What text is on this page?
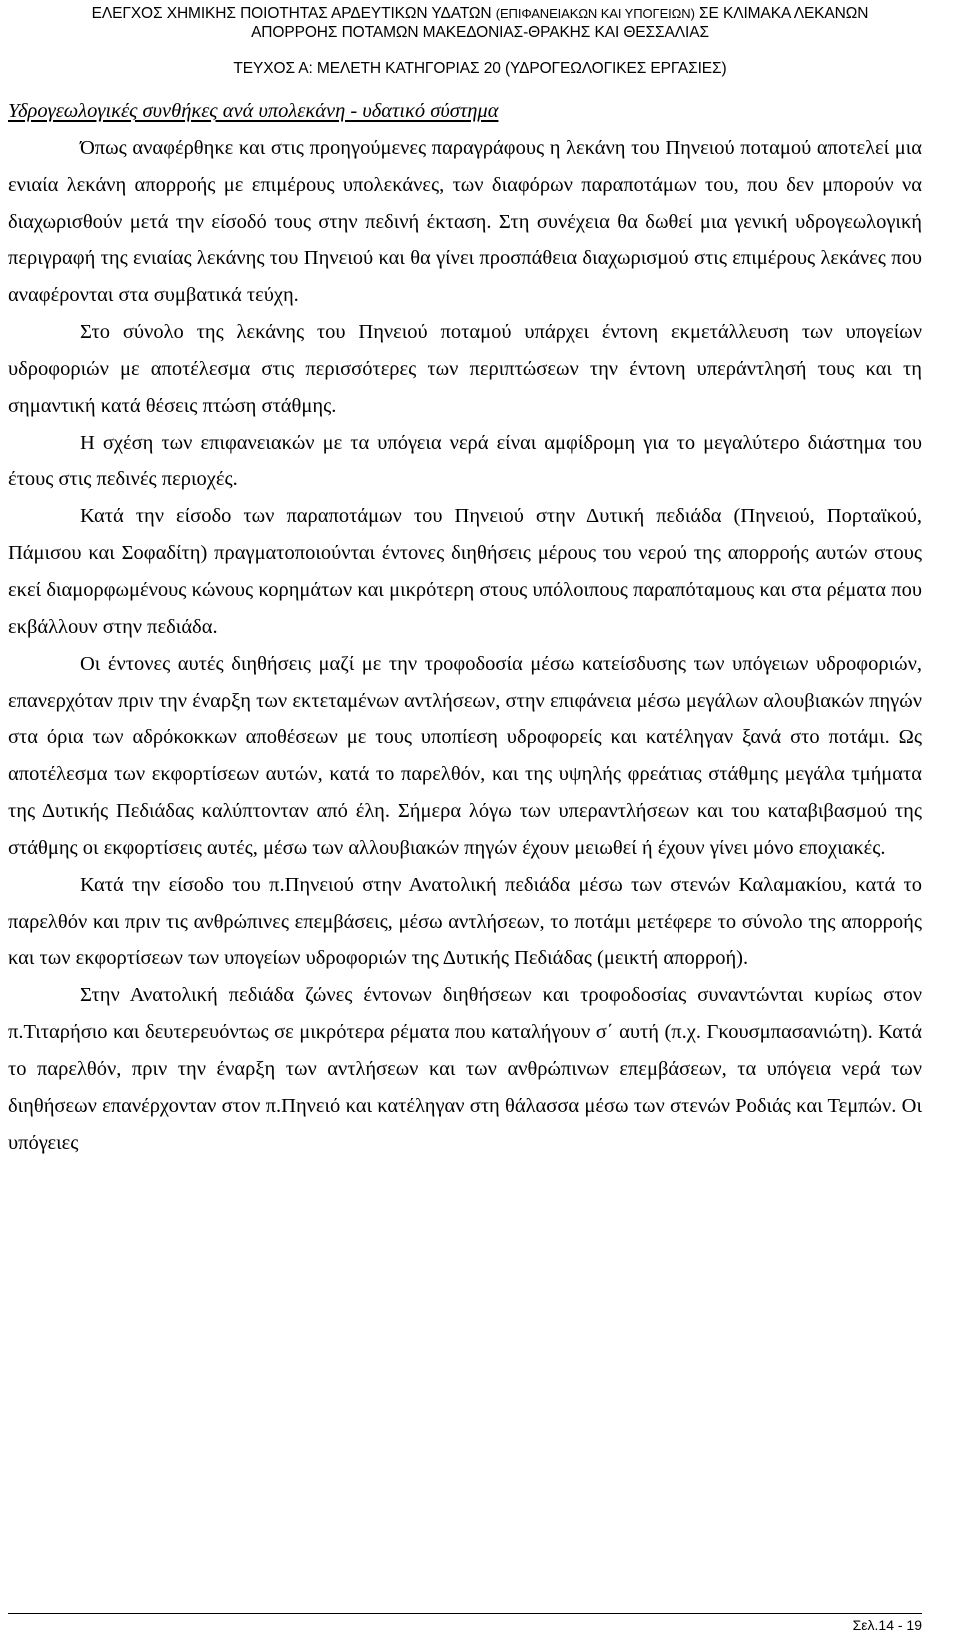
ΕΛΕΓΧΟΣ ΧΗΜΙΚΗΣ ΠΟΙΟΤΗΤΑΣ ΑΡΔΕΥΤΙΚΩΝ ΥΔΑΤΩΝ (ΕΠΙΦΑΝΕΙΑΚΩΝ ΚΑΙ ΥΠΟΓΕΙΩΝ) ΣΕ ΚΛΙΜΑΚΑ ΛΕΚΑΝΩΝ
ΑΠΟΡΡΟΗΣ ΠΟΤΑΜΩΝ ΜΑΚΕΔΟΝΙΑΣ-ΘΡΑΚΗΣ ΚΑΙ ΘΕΣΣΑΛΙΑΣ
ΤΕΥΧΟΣ Α: ΜΕΛΕΤΗ ΚΑΤΗΓΟΡΙΑΣ 20 (ΥΔΡΟΓΕΩΛΟΓΙΚΕΣ ΕΡΓΑΣΙΕΣ)
Υδρογεωλογικές συνθήκες ανά υπολεκάνη - υδατικό σύστημα

Όπως αναφέρθηκε και στις προηγούμενες παραγράφους η λεκάνη του Πηνειού ποταμού αποτελεί μια ενιαία λεκάνη απορροής με επιμέρους υπολεκάνες, των διαφόρων παραποτάμων του, που δεν μπορούν να διαχωρισθούν μετά την είσοδό τους στην πεδινή έκταση. Στη συνέχεια θα δωθεί μια γενική υδρογεωλογική περιγραφή της ενιαίας λεκάνης του Πηνειού και θα γίνει προσπάθεια διαχωρισμού στις επιμέρους λεκάνες που αναφέρονται στα συμβατικά τεύχη.

Στο σύνολο της λεκάνης του Πηνειού ποταμού υπάρχει έντονη εκμετάλλευση των υπογείων υδροφοριών με αποτέλεσμα στις περισσότερες των περιπτώσεων την έντονη υπεράντλησή τους και τη σημαντική κατά θέσεις πτώση στάθμης.

Η σχέση των επιφανειακών με τα υπόγεια νερά είναι αμφίδρομη για το μεγαλύτερο διάστημα του έτους στις πεδινές περιοχές.

Κατά την είσοδο των παραποτάμων του Πηνειού στην Δυτική πεδιάδα (Πηνειού, Πορταϊκού, Πάμισου και Σοφαδίτη) πραγματοποιούνται έντονες διηθήσεις μέρους του νερού της απορροής αυτών στους εκεί διαμορφωμένους κώνους κορημάτων και μικρότερη στους υπόλοιπους παραπόταμους και στα ρέματα που εκβάλλουν στην πεδιάδα.

Οι έντονες αυτές διηθήσεις μαζί με την τροφοδοσία μέσω κατείσδυσης των υπόγειων υδροφοριών, επανερχόταν πριν την έναρξη των εκτεταμένων αντλήσεων, στην επιφάνεια μέσω μεγάλων αλουβιακών πηγών στα όρια των αδρόκοκκων αποθέσεων με τους υποπίεση υδροφορείς και κατέληγαν ξανά στο ποτάμι. Ως αποτέλεσμα των εκφορτίσεων αυτών, κατά το παρελθόν, και της υψηλής φρεάτιας στάθμης μεγάλα τμήματα της Δυτικής Πεδιάδας καλύπτονταν από έλη. Σήμερα λόγω των υπεραντλήσεων και του καταβιβασμού της στάθμης οι εκφορτίσεις αυτές, μέσω των αλλουβιακών πηγών έχουν μειωθεί ή έχουν γίνει μόνο εποχιακές.

Κατά την είσοδο του π.Πηνειού στην Ανατολική πεδιάδα μέσω των στενών Καλαμακίου, κατά το παρελθόν και πριν τις ανθρώπινες επεμβάσεις, μέσω αντλήσεων, το ποτάμι μετέφερε το σύνολο της απορροής και των εκφορτίσεων των υπογείων υδροφοριών της Δυτικής Πεδιάδας (μεικτή απορροή).

Στην Ανατολική πεδιάδα ζώνες έντονων διηθήσεων και τροφοδοσίας συναντώνται κυρίως στον π.Τιταρήσιο και δευτερευόντως σε μικρότερα ρέματα που καταλήγουν σ΄ αυτή (π.χ. Γκουσμπασανιώτη). Κατά το παρελθόν, πριν την έναρξη των αντλήσεων και των ανθρώπινων επεμβάσεων, τα υπόγεια νερά των διηθήσεων επανέρχονταν στον π.Πηνειό και κατέληγαν στη θάλασσα μέσω των στενών Ροδιάς και Τεμπών. Οι υπόγειες

Σελ.14 - 19
